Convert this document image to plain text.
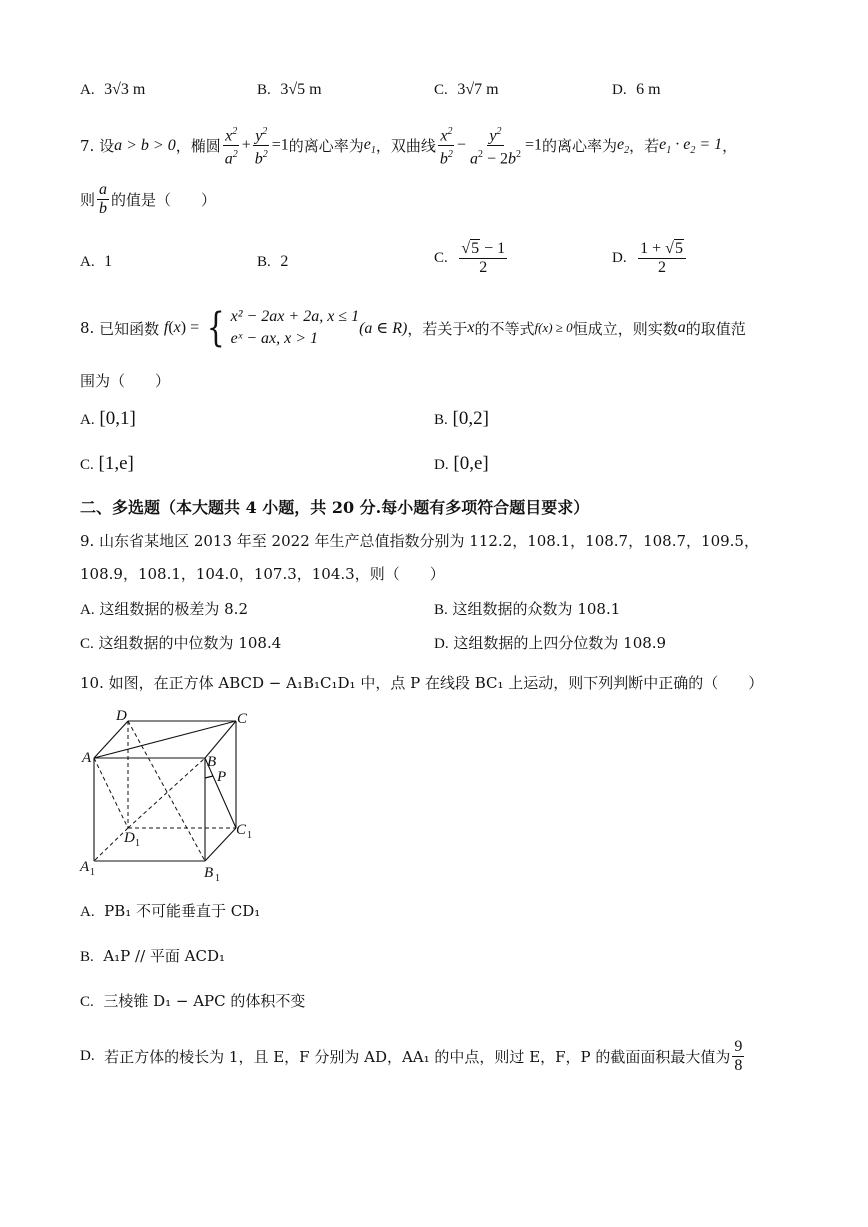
A. 3√3 m	B. 3√5 m	C. 3√7 m	D. 6 m
7.
设 a > b > 0 ，椭圆 $\frac{x^2}{a^2} + \frac{y^2}{b^2} =1$ 的离心率为 $e_1$ ，双曲线 $\frac{x^2}{b^2} - \frac{y^2}{a^2 - 2b^2} =1$ 的离心率为 $e_2$ ，若 $e_1 \cdot e_2 = 1$ ，
则 $\frac{a}{b}$ 的值是（　　）
A. 1	B. 2	C.
$\frac{√5 - 1}{2}$	D.
$\frac{1 + √5}{2}$
8.
已知函数
f ( x ) = { x² − 2ax + 2a, x ≤ 1
eˣ − ax, x > 1
(a ∈ R) ，若关于 x 的不等式 f(x) ≥ 0 恒成立，则实数 a 的取值范
围为（　　）
A. [0,1]	B. [0,2]
C. [1,e]	D. [0,e]
二、多选题（本大题共 4 小题，共 20 分.每小题有多项符合题目要求）
9. 山东省某地区 2013 年至 2022 年生产总值指数分别为 112.2，108.1，108.7，108.7，109.5，
108.9，108.1，104.0，107.3，104.3，则（　　）
A. 这组数据的极差为 8.2	B. 这组数据的众数为 108.1
C. 这组数据的中位数为 108.4	D. 这组数据的上四分位数为 108.9
10. 如图，在正方体 ABCD − A₁B₁C₁D₁ 中，点 P 在线段 BC₁ 上运动，则下列判断中正确的（　　）
D	C
A	B
P
D 1
C 1
A 1	B 1
A. PB₁ 不可能垂直于 CD₁
B. A₁P // 平面 ACD₁
C. 三棱锥 D₁ − APC 的体积不变
D.
若正方体的棱长为 1，且 E，F 分别为 AD，AA₁ 的中点，则过 E，F，P 的截面面积最大值为 $\frac{9}{8}$
